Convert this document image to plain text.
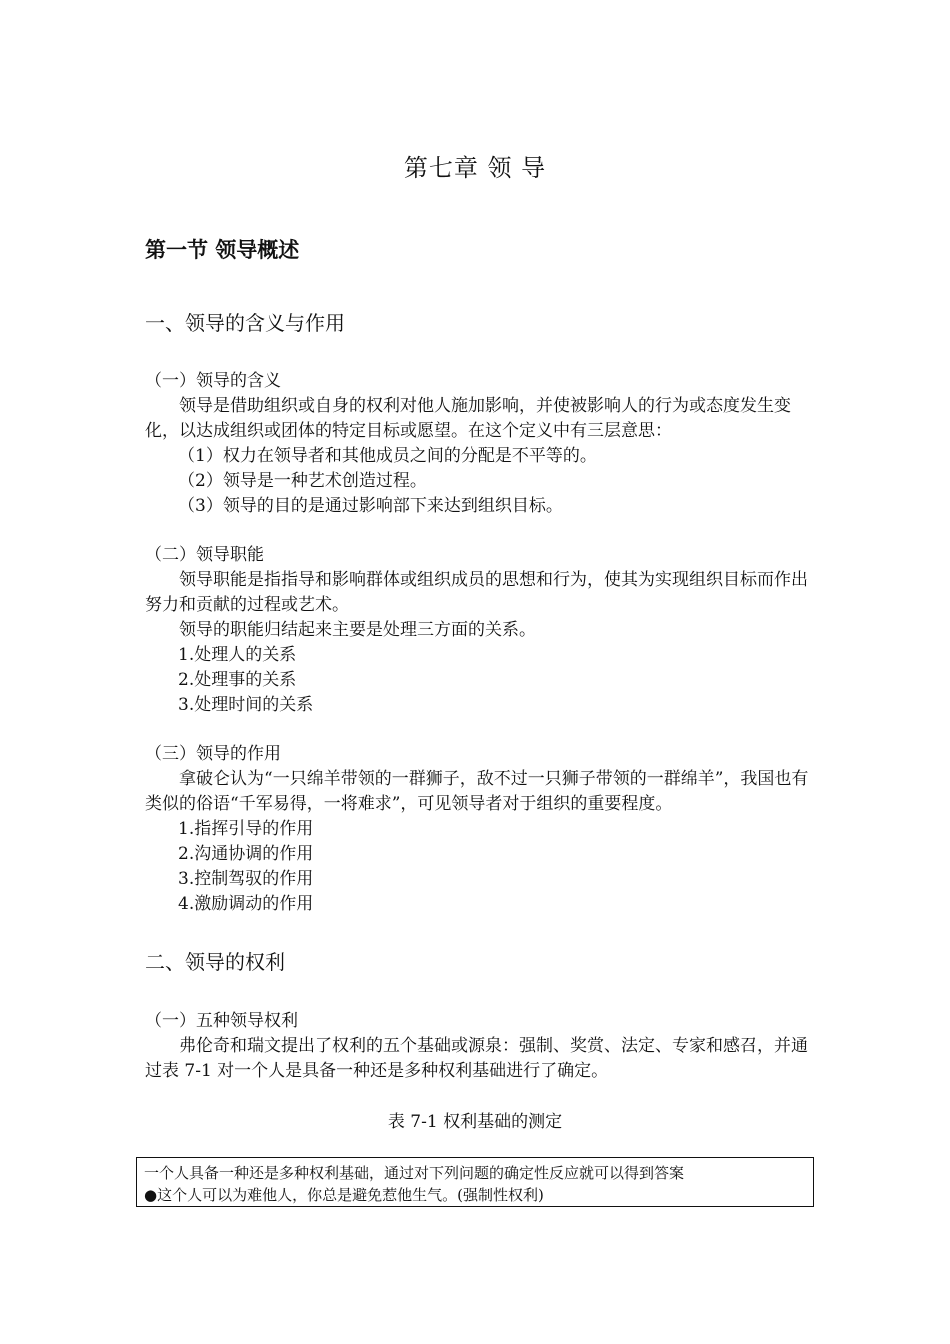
第七章 领 导
第一节 领导概述
一、领导的含义与作用
（一）领导的含义
领导是借助组织或自身的权利对他人施加影响，并使被影响人的行为或态度发生变化，以达成组织或团体的特定目标或愿望。在这个定义中有三层意思：
（1）权力在领导者和其他成员之间的分配是不平等的。
（2）领导是一种艺术创造过程。
（3）领导的目的是通过影响部下来达到组织目标。
（二）领导职能
领导职能是指指导和影响群体或组织成员的思想和行为，使其为实现组织目标而作出努力和贡献的过程或艺术。
领导的职能归结起来主要是处理三方面的关系。
1.处理人的关系
2.处理事的关系
3.处理时间的关系
（三）领导的作用
拿破仑认为“一只绵羊带领的一群狮子，敌不过一只狮子带领的一群绵羊”，我国也有类似的俗语“千军易得，一将难求”，可见领导者对于组织的重要程度。
1.指挥引导的作用
2.沟通协调的作用
3.控制驾驭的作用
4.激励调动的作用
二、领导的权利
（一）五种领导权利
弗伦奇和瑞文提出了权利的五个基础或源泉：强制、奖赏、法定、专家和感召，并通过表 7-1 对一个人是具备一种还是多种权利基础进行了确定。
表 7-1 权利基础的测定
一个人具备一种还是多种权利基础，通过对下列问题的确定性反应就可以得到答案
●这个人可以为难他人，你总是避免惹他生气。(强制性权利)
